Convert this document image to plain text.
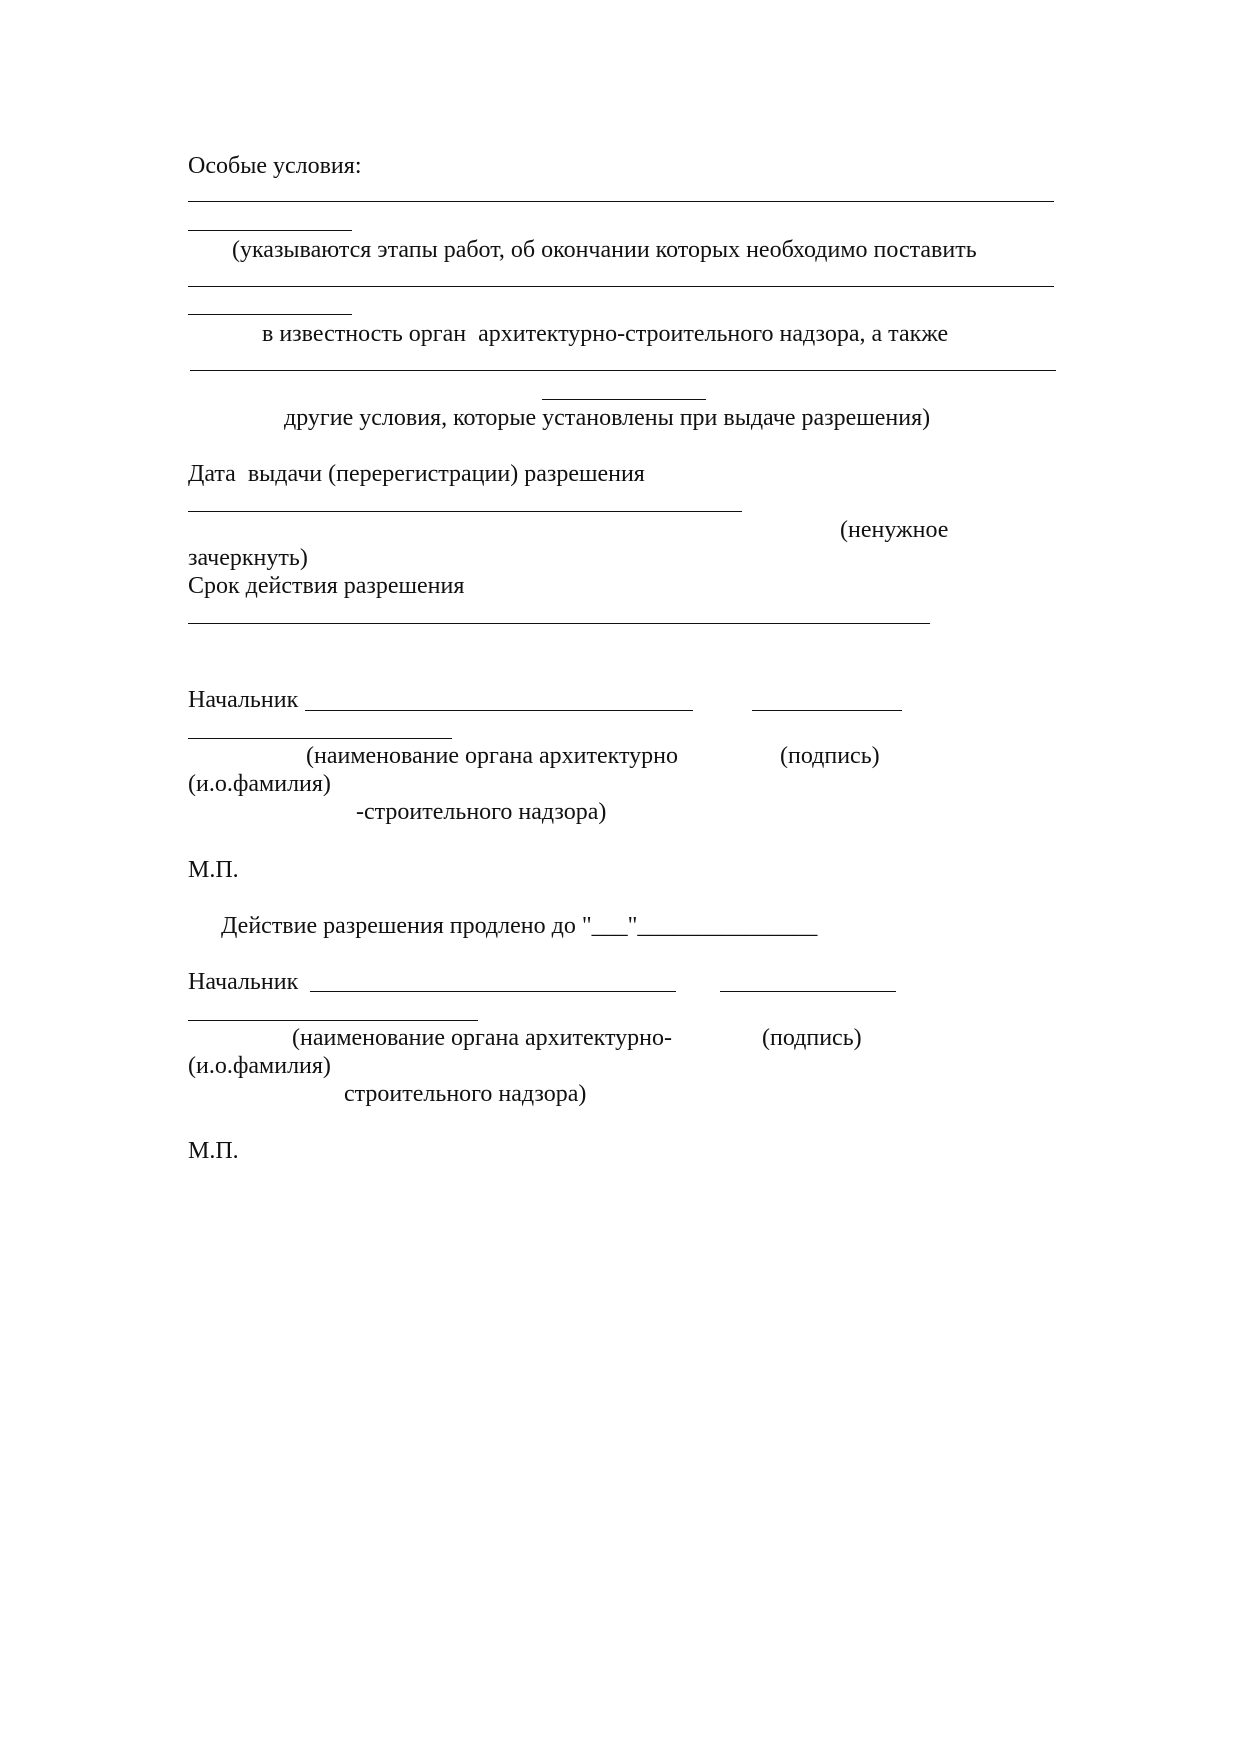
Особые условия:
(указываются этапы работ, об окончании которых необходимо поставить
в известность орган  архитектурно-строительного надзора, а также
другие условия, которые установлены при выдаче разрешения)
Дата  выдачи (перерегистрации) разрешения
(ненужное
зачеркнуть)
Срок действия разрешения
Начальник
(наименование органа архитектурно	(подпись)
(и.о.фамилия)
-строительного надзора)
М.П.
Действие разрешения продлено до "___"_______________
Начальник
(наименование органа архитектурно-	(подпись)
(и.о.фамилия)
строительного надзора)
М.П.
